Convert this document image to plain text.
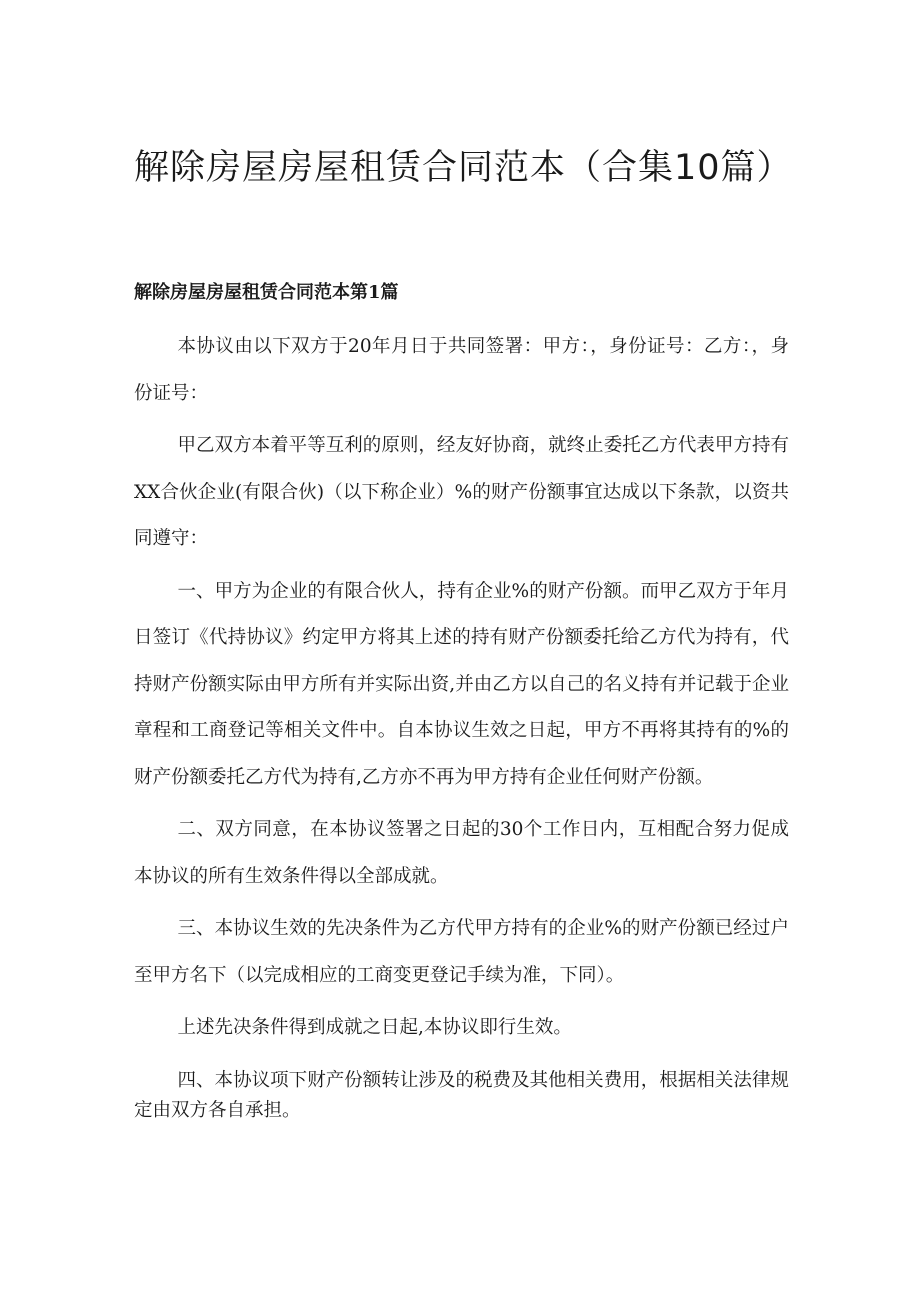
解除房屋房屋租赁合同范本（合集10篇）
解除房屋房屋租赁合同范本第1篇

本协议由以下双方于20年月日于共同签署：甲方：，身份证号：乙方：，身份证号：

甲乙双方本着平等互利的原则，经友好协商，就终止委托乙方代表甲方持有XX合伙企业(有限合伙)（以下称企业）%的财产份额事宜达成以下条款，以资共同遵守：

一、甲方为企业的有限合伙人，持有企业%的财产份额。而甲乙双方于年月日签订《代持协议》约定甲方将其上述的持有财产份额委托给乙方代为持有，代持财产份额实际由甲方所有并实际出资,并由乙方以自己的名义持有并记载于企业章程和工商登记等相关文件中。自本协议生效之日起，甲方不再将其持有的%的财产份额委托乙方代为持有,乙方亦不再为甲方持有企业任何财产份额。

二、双方同意，在本协议签署之日起的30个工作日内，互相配合努力促成本协议的所有生效条件得以全部成就。

三、本协议生效的先决条件为乙方代甲方持有的企业%的财产份额已经过户至甲方名下（以完成相应的工商变更登记手续为准，下同）。

上述先决条件得到成就之日起,本协议即行生效。

四、本协议项下财产份额转让涉及的税费及其他相关费用，根据相关法律规定由双方各自承担。
